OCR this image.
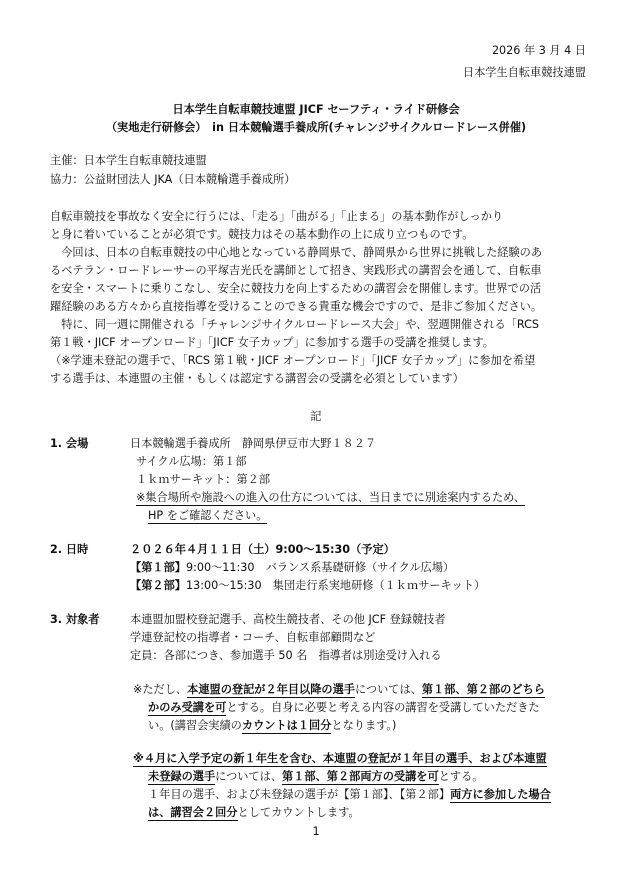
2026 年 3 月 4 日
日本学生自転車競技連盟
日本学生自転車競技連盟 JICF セーフティ・ライド研修会
（実地走行研修会）　in 日本競輪選手養成所(チャレンジサイクルロードレース併催)
主催：日本学生自転車競技連盟
協力：公益財団法人 JKA（日本競輪選手養成所）
自転車競技を事故なく安全に行うには、「走る」「曲がる」「止まる」の基本動作がしっかり
と身に着いていることが必須です。競技力はその基本動作の上に成り立つものです。
　今回は、日本の自転車競技の中心地となっている静岡県で、静岡県から世界に挑戦した経験のあ
るベテラン・ロードレーサーの平塚吉光氏を講師として招き、実践形式の講習会を通して、自転車
を安全・スマートに乗りこなし、安全に競技力を向上するための講習会を開催します。世界での活
躍経験のある方々から直接指導を受けることのできる貴重な機会ですので、是非ご参加ください。
　特に、同一週に開催される「チャレンジサイクルロードレース大会」や、翌週開催される「RCS
第１戦・JICF オープンロード」「JICF 女子カップ」に参加する選手の受講を推奨します。
（※学連未登記の選手で、「RCS 第１戦・JICF オープンロード」「JICF 女子カップ」に参加を希望
する選手は、本連盟の主催・もしくは認定する講習会の受講を必須としています）
記
1. 会場	日本競輪選手養成所　静岡県伊豆市大野１８２７
サイクル広場：第１部
１ｋｍサーキット：第２部
※集合場所や施設への進入の仕方については、当日までに別途案内するため、
HP をご確認ください。
2. 日時	２０２６年４月１１日（土）9:00～15:30（予定）
【第１部】9:00～11:30　バランス系基礎研修（サイクル広場）
【第２部】13:00～15:30　集団走行系実地研修（１ｋｍサーキット）
3. 対象者	本連盟加盟校登記選手、高校生競技者、その他 JCF 登録競技者
学連登記校の指導者・コーチ、自転車部顧問など
定員：各部につき、参加選手 50 名　指導者は別途受け入れる
※ただし、本連盟の登記が２年目以降の選手については、第１部、第２部のどちら
かのみ受講を可とする。自身に必要と考える内容の講習を受講していただきた
い。(講習会実績のカウントは１回分となります。)
※４月に入学予定の新１年生を含む、本連盟の登記が１年目の選手、および本連盟
未登録の選手については、第１部、第２部両方の受講を可とする。
１年目の選手、および未登録の選手が【第１部】、【第２部】両方に参加した場合
は、講習会２回分としてカウントします。
1
